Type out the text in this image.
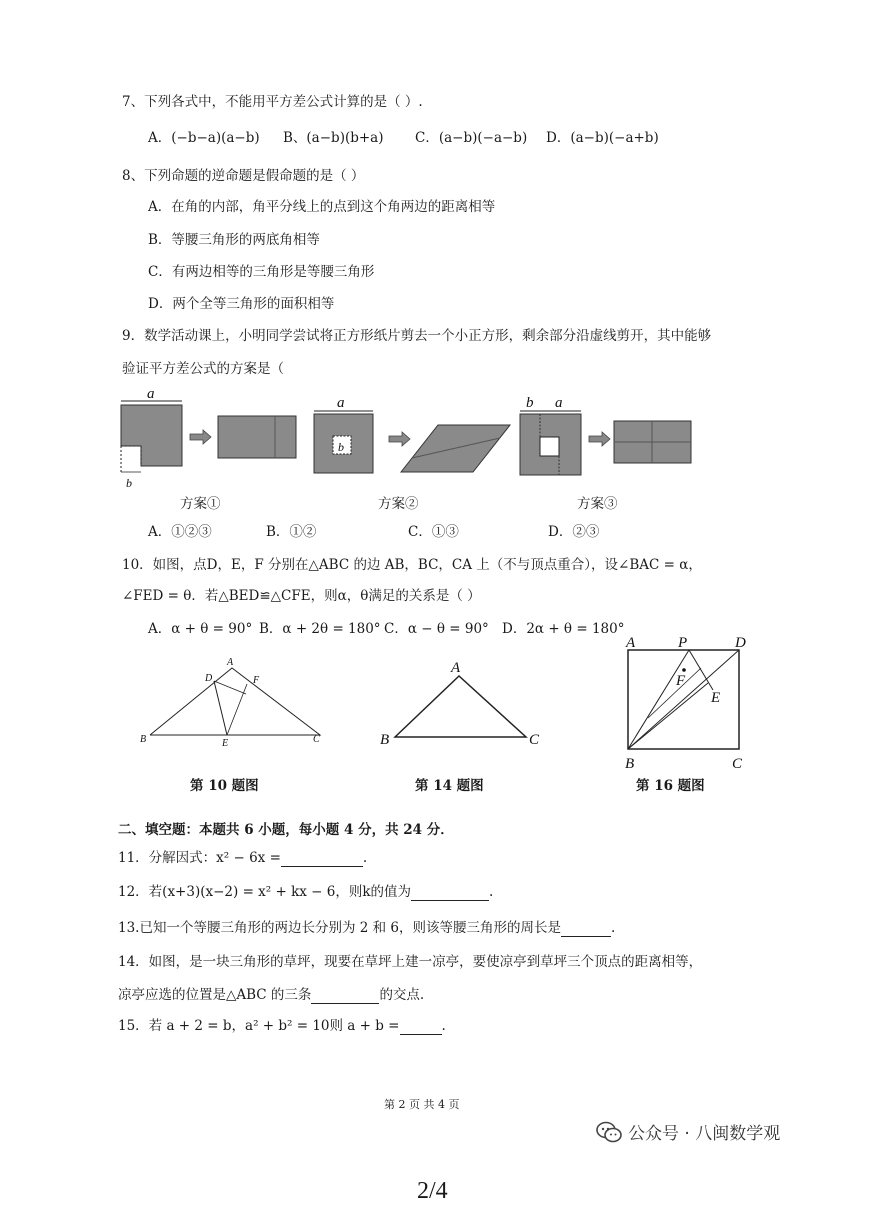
7、下列各式中，不能用平方差公式计算的是（ ）.
A．(−b−a)(a−b) B、(a−b)(b+a) C．(a−b)(−a−b) D．(a−b)(−a+b)
8、下列命题的逆命题是假命题的是（ ）
A．在角的内部，角平分线上的点到这个角两边的距离相等
B．等腰三角形的两底角相等
C．有两边相等的三角形是等腰三角形
D．两个全等三角形的面积相等
9．数学活动课上，小明同学尝试将正方形纸片剪去一个小正方形，剩余部分沿虚线剪开，其中能够
验证平方差公式的方案是（
a
b
a
b
b a
方案①	方案②	方案③
A．①②③	B．①②	C．①③	D．②③
10．如图，点D，E，F 分别在△ABC 的边 AB，BC，CA 上（不与顶点重合），设∠BAC = α，
∠FED = θ．若△BED≌△CFE，则α，θ满足的关系是（ ）
A．α + θ = 90° B．α + 2θ = 180° C．α − θ = 90° D．2α + θ = 180°
A
D	F
B	E	C
A
B	C
A	P	D
F
E
B	C
第 10 题图	第 14 题图	第 16 题图
二、填空题：本题共 6 小题，每小题 4 分，共 24 分．
11．分解因式：x² − 6x =	.
12．若(x+3)(x−2) = x² + kx − 6，则k的值为	.
13.已知一个等腰三角形的两边长分别为 2 和 6，则该等腰三角形的周长是	.
14．如图，是一块三角形的草坪，现要在草坪上建一凉亭，要使凉亭到草坪三个顶点的距离相等，
凉亭应选的位置是△ABC 的三条	的交点.
15．若 a + 2 = b，a² + b² = 10则 a + b =	.
第 2 页 共 4 页
公众号 · 八闽数学观
2/4
